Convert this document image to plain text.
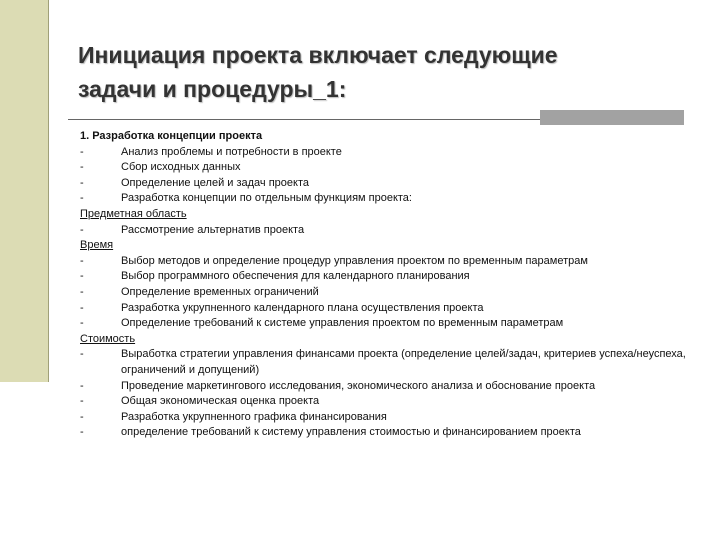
Инициация проекта включает следующие
задачи и процедуры_1:
1. Разработка концепции проекта
-	Анализ проблемы и потребности в проекте
-	Сбор исходных данных
-	Определение целей и задач проекта
-	Разработка концепции по отдельным функциям проекта:
Предметная область
-	Рассмотрение альтернатив проекта
Время
-	Выбор методов и определение процедур управления проектом по временным параметрам
-	Выбор программного обеспечения для календарного планирования
-	Определение временных ограничений
-	Разработка укрупненного календарного плана осуществления проекта
-	Определение требований к системе управления проектом по временным параметрам
Стоимость
-	Выработка стратегии управления финансами проекта (определение целей/задач, критериев успеха/неуспеха, ограничений и допущений)
-	Проведение маркетингового исследования, экономического анализа и обоснование проекта
-	Общая экономическая оценка проекта
-	Разработка укрупненного графика финансирования
-	определение требований к систему управления стоимостью и финансированием проекта
